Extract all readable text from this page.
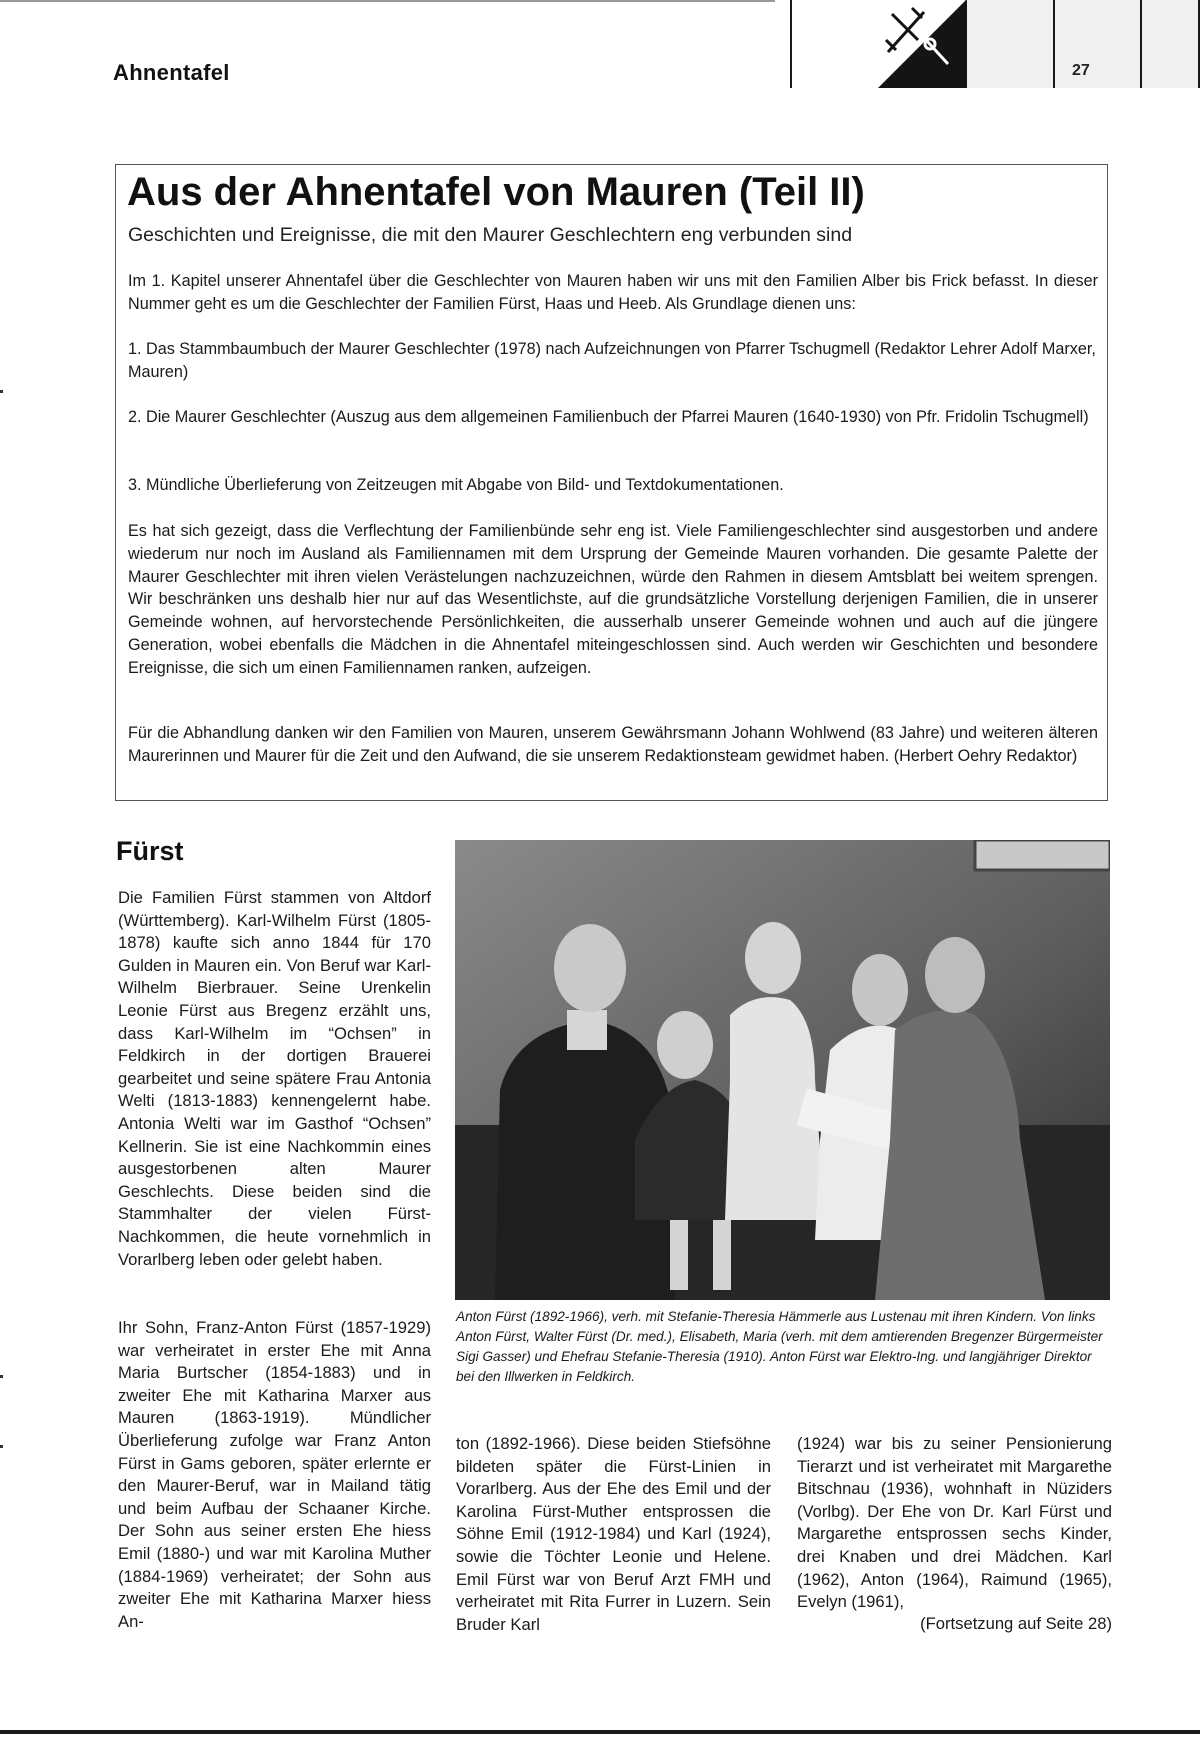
Ahnentafel	27
Aus der Ahnentafel von Mauren (Teil II)
Geschichten und Ereignisse, die mit den Maurer Geschlechtern eng verbunden sind

Im 1. Kapitel unserer Ahnentafel über die Geschlechter von Mauren haben wir uns mit den Familien Alber bis Frick befasst. In dieser Nummer geht es um die Geschlechter der Familien Fürst, Haas und Heeb. Als Grundlage dienen uns:

1. Das Stammbaumbuch der Maurer Geschlechter (1978) nach Aufzeichnungen von Pfarrer Tschugmell (Redaktor Lehrer Adolf Marxer, Mauren)

2. Die Maurer Geschlechter (Auszug aus dem allgemeinen Familienbuch der Pfarrei Mauren (1640-1930) von Pfr. Fridolin Tschugmell)

3. Mündliche Überlieferung von Zeitzeugen mit Abgabe von Bild- und Textdokumentationen.

Es hat sich gezeigt, dass die Verflechtung der Familienbünde sehr eng ist. Viele Familiengeschlechter sind ausgestorben und andere wiederum nur noch im Ausland als Familiennamen mit dem Ursprung der Gemeinde Mauren vorhanden. Die gesamte Palette der Maurer Geschlechter mit ihren vielen Verästelungen nachzuzeichnen, würde den Rahmen in diesem Amtsblatt bei weitem sprengen. Wir beschränken uns deshalb hier nur auf das Wesentlichste, auf die grundsätzliche Vorstellung derjenigen Familien, die in unserer Gemeinde wohnen, auf hervorstechende Persönlichkeiten, die ausserhalb unserer Gemeinde wohnen und auch auf die jüngere Generation, wobei ebenfalls die Mädchen in die Ahnentafel miteingeschlossen sind. Auch werden wir Geschichten und besondere Ereignisse, die sich um einen Familiennamen ranken, aufzeigen.

Für die Abhandlung danken wir den Familien von Mauren, unserem Gewährsmann Johann Wohlwend (83 Jahre) und weiteren älteren Maurerinnen und Maurer für die Zeit und den Aufwand, die sie unserem Redaktionsteam gewidmet haben. (Herbert Oehry Redaktor)

Fürst

Die Familien Fürst stammen von Altdorf (Württemberg). Karl-Wilhelm Fürst (1805-1878) kaufte sich anno 1844 für 170 Gulden in Mauren ein. Von Beruf war Karl-Wilhelm Bierbrauer. Seine Urenkelin Leonie Fürst aus Bregenz erzählt uns, dass Karl-Wilhelm im “Ochsen” in Feldkirch in der dortigen Brauerei gearbeitet und seine spätere Frau Antonia Welti (1813-1883) kennengelernt habe. Antonia Welti war im Gasthof “Ochsen” Kellnerin. Sie ist eine Nachkommin eines ausgestorbenen alten Maurer Geschlechts. Diese beiden sind die Stammhalter der vielen Fürst-Nachkommen, die heute vornehmlich in Vorarlberg leben oder gelebt haben.

Ihr Sohn, Franz-Anton Fürst (1857-1929) war verheiratet in erster Ehe mit Anna Maria Burtscher (1854-1883) und in zweiter Ehe mit Katharina Marxer aus Mauren (1863-1919). Mündlicher Überlieferung zufolge war Franz Anton Fürst in Gams geboren, später erlernte er den Maurer-Beruf, war in Mailand tätig und beim Aufbau der Schaaner Kirche. Der Sohn aus seiner ersten Ehe hiess Emil (1880-) und war mit Karolina Muther (1884-1969) verheiratet; der Sohn aus zweiter Ehe mit Katharina Marxer hiess An-

Anton Fürst (1892-1966), verh. mit Stefanie-Theresia Hämmerle aus Lustenau mit ihren Kindern. Von links Anton Fürst, Walter Fürst (Dr. med.), Elisabeth, Maria (verh. mit dem amtierenden Bregenzer Bürgermeister Sigi Gasser) und Ehefrau Stefanie-Theresia (1910). Anton Fürst war Elektro-Ing. und langjähriger Direktor bei den Illwerken in Feldkirch.

ton (1892-1966). Diese beiden Stiefsöhne bildeten später die Fürst-Linien in Vorarlberg. Aus der Ehe des Emil und der Karolina Fürst-Muther entsprossen die Söhne Emil (1912-1984) und Karl (1924), sowie die Töchter Leonie und Helene. Emil Fürst war von Beruf Arzt FMH und verheiratet mit Rita Furrer in Luzern. Sein Bruder Karl

(1924) war bis zu seiner Pensionierung Tierarzt und ist verheiratet mit Margarethe Bitschnau (1936), wohnhaft in Nüziders (Vorlbg). Der Ehe von Dr. Karl Fürst und Margarethe entsprossen sechs Kinder, drei Knaben und drei Mädchen. Karl (1962), Anton (1964), Raimund (1965), Evelyn (1961),

(Fortsetzung auf Seite 28)
